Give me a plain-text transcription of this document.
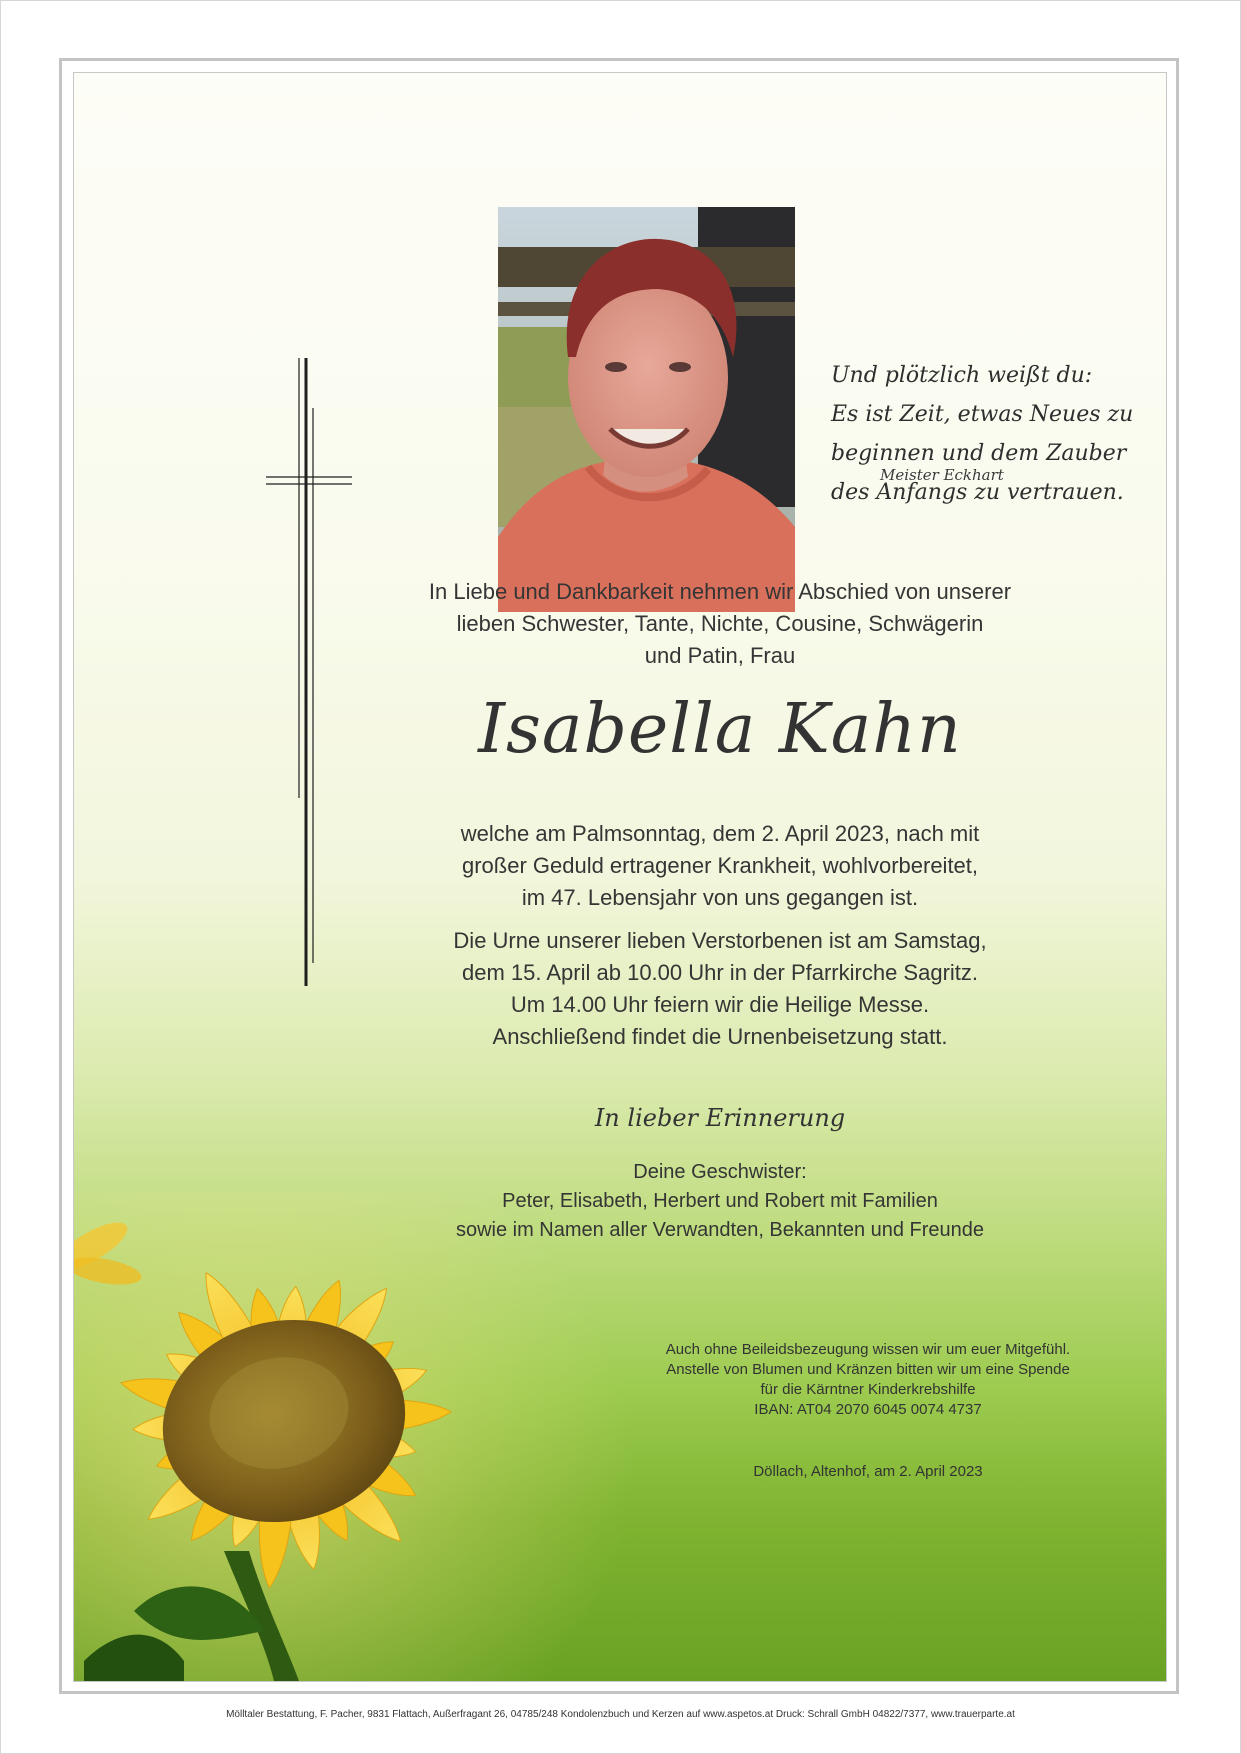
Und plötzlich weißt du:
Es ist Zeit, etwas Neues zu
beginnen und dem Zauber
des Anfangs zu vertrauen.
Meister Eckhart
In Liebe und Dankbarkeit nehmen wir Abschied von unserer
lieben Schwester, Tante, Nichte, Cousine, Schwägerin
und Patin, Frau
Isabella Kahn
welche am Palmsonntag, dem 2. April 2023, nach mit
großer Geduld ertragener Krankheit, wohlvorbereitet,
im 47. Lebensjahr von uns gegangen ist.
Die Urne unserer lieben Verstorbenen ist am Samstag,
dem 15. April ab 10.00 Uhr in der Pfarrkirche Sagritz.
Um 14.00 Uhr feiern wir die Heilige Messe.
Anschließend findet die Urnenbeisetzung statt.
In lieber Erinnerung
Deine Geschwister:
Peter, Elisabeth, Herbert und Robert mit Familien
sowie im Namen aller Verwandten, Bekannten und Freunde
Auch ohne Beileidsbezeugung wissen wir um euer Mitgefühl.
Anstelle von Blumen und Kränzen bitten wir um eine Spende
für die Kärntner Kinderkrebshilfe
IBAN: AT04 2070 6045 0074 4737
Döllach, Altenhof, am 2. April 2023
Mölltaler Bestattung, F. Pacher, 9831 Flattach, Außerfragant 26, 04785/248 Kondolenzbuch und Kerzen auf www.aspetos.at Druck: Schrall GmbH 04822/7377, www.trauerparte.at
